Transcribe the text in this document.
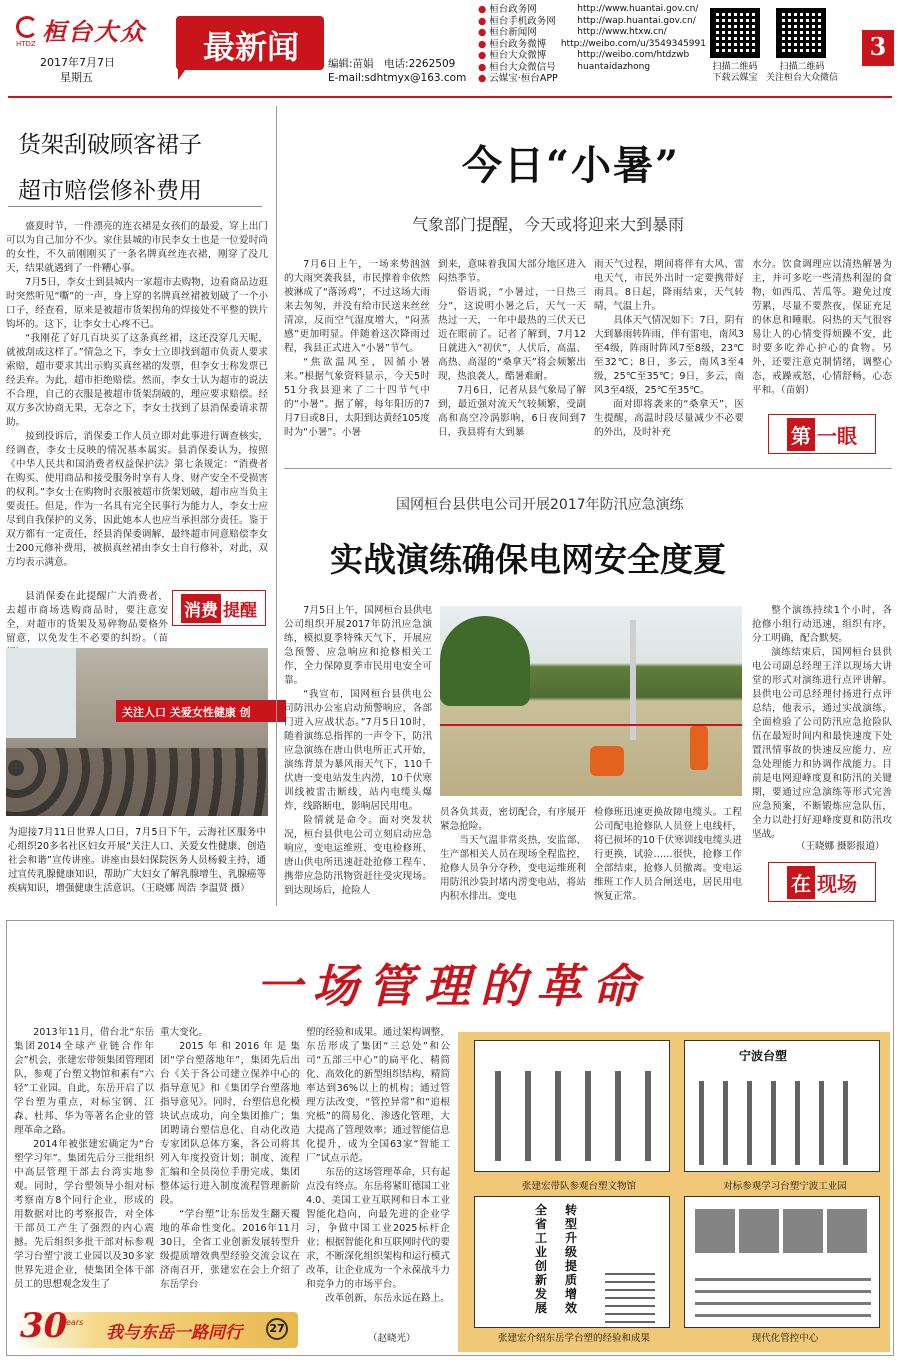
桓台大众
HTDZ
2017年7月7日
星期五
最新闻	编辑:苗娟　电话:2262509
E-mail:sdhtmyx@163.com
● 桓台政务网	http://www.huantai.gov.cn/
● 桓台手机政务网	http://wap.huantai.gov.cn/
● 桓台新闻网	http://www.htxw.cn/
● 桓台政务微博	http://weibo.com/u/3549345991
● 桓台大众微博	http://weibo.com/htdzwb
● 桓台大众微信号	huantaidazhong
● 云媒宝·桓台APP
扫描二维码
下载云媒宝
扫描二维码
关注桓台大众微信
3
货架刮破顾客裙子
超市赔偿修补费用

盛夏时节，一件漂亮的连衣裙是女孩们的最爱，穿上出门可以为自己加分不少。家住县城的市民李女士也是一位爱时尚的女性，不久前刚刚买了一条名牌真丝连衣裙，刚穿了没几天，结果就遇到了一件糟心事。

7月5日，李女士到县城内一家超市去购物，边看商品边逛时突然听见“嘶”的一声，身上穿的名牌真丝裙被划破了一个小口子，经查看，原来是被超市货架拐角的焊接处不平整的铁片钩坏的。这下，让李女士心疼不已。

“我刚花了好几百块买了这条真丝裙，这还没穿几天呢，就被刮成这样了。”情急之下，李女士立即找到超市负责人要求索赔，超市要求其出示购买真丝裙的发票，但李女士称发票已经丢弃。为此，超市拒绝赔偿。然而，李女士认为超市的说法不合理，自己的衣服是被超市货架刮破的，理应要求赔偿。经双方多次协商无果，无奈之下，李女士找到了县消保委请求帮助。

接到投诉后，消保委工作人员立即对此事进行调查核实，经调查，李女士反映的情况基本属实。县消保委认为，按照《中华人民共和国消费者权益保护法》第七条规定：“消费者在购买、使用商品和接受服务时享有人身、财产安全不受损害的权利。”李女士在购物时衣服被超市货架划破，超市应当负主要责任。但是，作为一名具有完全民事行为能力人，李女士应尽到自我保护的义务，因此她本人也应当承担部分责任。鉴于双方都有一定责任，经县消保委调解，最终超市同意赔偿李女士200元修补费用，被损真丝裙由李女士自行修补，对此，双方均表示满意。

县消保委在此提醒广大消费者，去超市商场选购商品时，要注意安全，对超市的货架及易碎物品要格外留意，以免发生不必要的纠纷。（苗
消费 提醒
关注人口 关爱女性健康 创
为迎接7月11日世界人口日，7月5日下午，云海社区服务中心组织20多名社区妇女开展“关注人口、关爱女性健康、创造社会和谐”宣传讲座。讲座由县妇保院医务人员杨毅主持，通过宣传乳腺健康知识，帮助广大妇女了解乳腺增生、乳腺癌等疾病知识，增强健康生活意识。（王晓娜 周浩 李温贤 摄）
今日“小暑”
气象部门提醒，今天或将迎来大到暴雨

7月6日上午，一场来势汹汹的大雨突袭我县，市民撑着伞依然被淋成了“落汤鸡”，不过这场大雨来去匆匆，并没有给市民送来丝丝清凉，反而空气湿度增大，“闷蒸感”更加明显。伴随着这次降雨过程，我县正式进入“小暑”节气。

“焦欲温风至，因循小暑来。”根据气象资料显示，今天5时51分我县迎来了二十四节气中的“小暑”。据了解，每年阳历的7月7日或8日，太阳到达黄经105度时为“小暑”。小暑

到来，意味着我国大部分地区进入闷热季节。

俗语说，“小暑过，一日热三分”，这说明小暑之后，天气一天热过一天，一年中最热的三伏天已近在眼前了。记者了解到，7月12日就进入“初伏”，人伏后，高温、高热、高湿的“桑拿天”将会频繁出现，热浪袭人，酷暑难耐。

7月6日，记者从县气象局了解到，最近强对流天气较频繁，受副高和高空冷涡影响，6日夜间到7日，我县将有大到暴

雨天气过程，期间将伴有大风、雷电天气，市民外出时一定要携带好雨具。8日起，降雨结束，天气转晴，气温上升。

具体天气情况如下：7日，阴有大到暴雨转阵雨，伴有雷电，南风3至4级，阵雨时阵风7至8级，23℃至32℃；8日，多云，南风3至4级，25℃至35℃；9日，多云，南风3至4级，25℃至35℃。

面对即将袭来的“桑拿天”，医生提醒，高温时段尽量减少不必要的外出，及时补充

水分。饮食调理应以清热解暑为主，并可多吃一些清热利湿的食物，如西瓜、苦瓜等。避免过度劳累，尽量不要熬夜，保证充足的休息和睡眠。闷热的天气很容易让人的心情变得烦躁不安，此时要多吃养心护心的食物。另外，还要注意克制情绪，调整心态，戒躁戒怒，心情舒畅，心态平和。（苗娟）
第 一眼
国网桓台县供电公司开展2017年防汛应急演练
实战演练确保电网安全度夏

7月5日上午，国网桓台县供电公司组织开展2017年防汛应急演练，模拟夏季特殊天气下，开展应急预警、应急响应和抢修相关工作，全力保障夏季市民用电安全可靠。

“我宣布，国网桓台县供电公司防汛办公室启动预警响应，各部门进入应战状态。”7月5日10时，随着演练总指挥的一声令下，防汛应急演练在唐山供电所正式开始，演练背景为暴风雨天气下，110千伏唐一变电站发生内涝，10千伏寒训线被雷击断线，站内电缆头爆炸，线路断电，影响居民用电。

险情就是命令。面对突发状况，桓台县供电公司立刻启动应急响应，变电运维班、变电检修班、唐山供电所迅速赶赴抢修工程车、携带应急防汛物资赶往受灾现场。到达现场后，抢险人

员各负其责，密切配合，有序展开紧急抢险。

当天气温非常炎热，安监部、生产部相关人员在现场全程监控，抢修人员争分夺秒，变电运维班利用防汛沙袋封堵内涝变电站，将站内积水排出。变电

检修班迅速更换故障电缆头。工程公司配电抢修队人员登上电线杆，将已损坏的10千伏寒训线电缆头进行更换，试验……很快，抢修工作全部结束，抢修人员撤离。变电运维班工作人员合闸送电，居民用电恢复正常。

整个演练持续1个小时，各抢修小组行动迅速，组织有序，分工明确，配合默契。

演练结束后，国网桓台县供电公司副总经理王洋以现场大讲堂的形式对演练进行点评讲解。县供电公司总经理付扬进行点评总结，他表示，通过实战演练，全面检验了公司防汛应急抢险队伍在最短时间内和最快速度下处置汛情事故的快速反应能力、应急处理能力和协调作战能力。目前是电网迎峰度夏和防汛的关键期，要通过应急演练等形式完善应急预案，不断锻炼应急队伍，全力以赴打好迎峰度夏和防汛攻坚战。

（王晓娜 摄影报道）
在 现场
一场管理的革命

2013年11月，借台北“东岳集团2014全球产业链合作年会”机会，张建宏带领集团管理团队，参观了台塑文物馆和素有“六轻”工业园。自此，东岳开启了以学台塑为重点，对标宝钢、江森、杜邦、华为等著名企业的管理革命之路。

2014年被张建宏确定为“台塑学习年”。集团先后分三批组织中高层管理干部去台湾实地参观。同时，学台塑领导小组对标考察南方8个同行企业，形成的用数据对比的考察报告，对全体干部员工产生了强烈的内心震撼。先后组织多批干部对标参观学习台塑宁波工业园以及30多家世界先进企业，使集团全体干部员工的思想观念发生了

重大变化。

2015年和2016年是集团“学台塑落地年”，集团先后出台《关于各公司建立保养中心的指导意见》和《集团学台塑落地指导意见》。同时，台塑信息化模块试点成功，向全集团推广；集团聘请台塑信息化、自动化改造专家团队总体方案，各公司将其列入年度投资计划；制度、流程汇编和全员岗位手册完成，集团整体运行进入制度流程管理新阶段。

“学台塑”让东岳发生翻天覆地的革命性变化。2016年11月30日，全省工业创新发展转型升级提质增效典型经验交流会议在济南召开，张建宏在会上介绍了东岳学台

塑的经验和成果。通过架构调整，东岳形成了集团“三总处”和公司“五部三中心”的扁平化、精简化、高效化的新型组织结构，精简率达到36%以上的机构；通过管理方法改变，“管控异常”和“追根究柢”的简易化、渗透化管理，大大提高了管理效率；通过智能信息化提升，成为全国63家“智能工厂”试点示范。

东岳的这场管理革命，只有起点没有终点。东岳将紧盯德国工业4.0、美国工业互联网和日本工业智能化趋向，向最先进的企业学习，争做中国工业2025标杆企业；根据智能化和互联网时代的要求，不断深化组织架构和运行模式改革，让企业成为一个永葆战斗力和竞争力的市场平台。

改革创新，东岳永远在路上。

（赵晓光）
30
Years
我与东岳一路同行	27
张建宏带队参观台塑文物馆
宁波台塑
对标参观学习台塑宁波工业园
全省工业创新发展
转型升级提质增效
张建宏介绍东岳学台塑的经验和成果	现代化管控中心
